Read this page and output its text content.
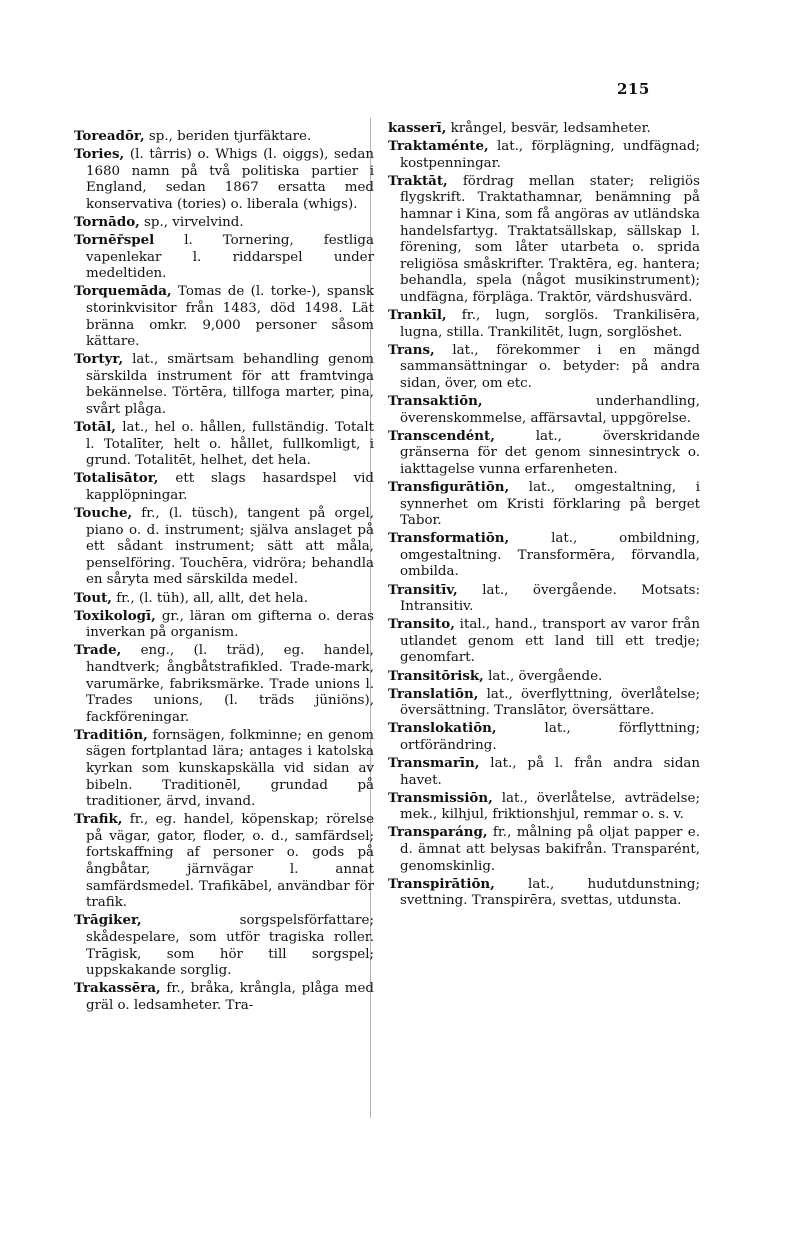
215

Toreadōr, sp., beriden tjurfäktare.

Tories, (l. târris) o. Whigs (l. oiggs), sedan 1680 namn på två politiska partier i England, sedan 1867 ersatta med konservativa (tories) o. liberala (whigs).

Tornādo, sp., virvelvind.

Tornēr̄spel l. Tornering, festliga vapenlekar l. riddarspel under medeltiden.

Torquemāda, Tomas de (l. torke-), spansk storinkvisitor från 1483, död 1498. Lät bränna omkr. 9,000 personer såsom kättare.

Tortyr, lat., smärtsam behandling genom särskilda instrument för att framtvinga bekännelse. Törtēra, tillfoga marter, pina, svårt plåga.

Totāl, lat., hel o. hållen, fullständig. Totalt l. Totalīter, helt o. hållet, fullkomligt, i grund. Totalitēt, helhet, det hela.

Totalisātor, ett slags hasardspel vid kapplöpningar.

Touche, fr., (l. tüsch), tangent på orgel, piano o. d. instrument; själva anslaget på ett sådant instrument; sätt att måla, penselföring. Touchēra, vidröra; behandla en såryta med särskilda medel.

Tout, fr., (l. tüh), all, allt, det hela.

Toxikologī, gr., läran om gifterna o. deras inverkan på organism.

Trade, eng., (l. träd), eg. handel, handtverk; ångbåtstrafikled. Trade-mark, varumärke, fabriksmärke. Trade unions l. Trades unions, (l. träds jüniöns), fackföreningar.

Traditiōn, fornsägen, folkminne; en genom sägen fortplantad lära; antages i katolska kyrkan som kunskapskälla vid sidan av bibeln. Traditionēl, grundad på traditioner, ärvd, invand.

Trafik, fr., eg. handel, köpenskap; rörelse på vägar, gator, floder, o. d., samfärdsel; fortskaffning af personer o. gods på ångbåtar, järnvägar l. annat samfärdsmedel. Trafikābel, användbar för trafik.

Trāgiker, sorgspelsförfattare; skådespelare, som utför tragiska roller. Trāgisk, som hör till sorgspel; uppskakande sorglig.

Trakassēra, fr., bråka, krångla, plåga med gräl o. ledsamheter. Tra-

kasserī, krångel, besvär, ledsamheter.

Traktaménte, lat., förplägning, undfägnad; kostpenningar.

Traktāt, fördrag mellan stater; religiös flygskrift. Traktathamnar, benämning på hamnar i Kina, som få angöras av utländska handelsfartyg. Traktatsällskap, sällskap l. förening, som låter utarbeta o. sprida religiösa småskrifter. Traktēra, eg. hantera; behandla, spela (något musikinstrument); undfägna, förpläga. Traktōr, värdshusvärd.

Trankīl, fr., lugn, sorglös. Trankilisēra, lugna, stilla. Trankilitēt, lugn, sorglöshet.

Trans, lat., förekommer i en mängd sammansättningar o. betyder: på andra sidan, över, om etc.

Transaktiōn, underhandling, överenskommelse, affärsavtal, uppgörelse.

Transcendént, lat., överskridande gränserna för det genom sinnesintryck o. iakttagelse vunna erfarenheten.

Transfigurātiōn, lat., omgestaltning, i synnerhet om Kristi förklaring på berget Tabor.

Transformatiōn, lat., ombildning, omgestaltning. Transformēra, förvandla, ombilda.

Transitīv, lat., övergående. Motsats: Intransitiv.

Transito, ital., hand., transport av varor från utlandet genom ett land till ett tredje; genomfart.

Transitōrisk, lat., övergående.

Translatiōn, lat., överflyttning, överlåtelse; översättning. Translātor, översättare.

Translokatiōn, lat., förflyttning; ortförändring.

Transmarīn, lat., på l. från andra sidan havet.

Transmissiōn, lat., överlåtelse, avträdelse; mek., kilhjul, friktionshjul, remmar o. s. v.

Transparáng, fr., målning på oljat papper e. d. ämnat att belysas bakifrån. Transparént, genomskinlig.

Transpirātiōn, lat., hudutdunstning; svettning. Transpirēra, svettas, utdunsta.
